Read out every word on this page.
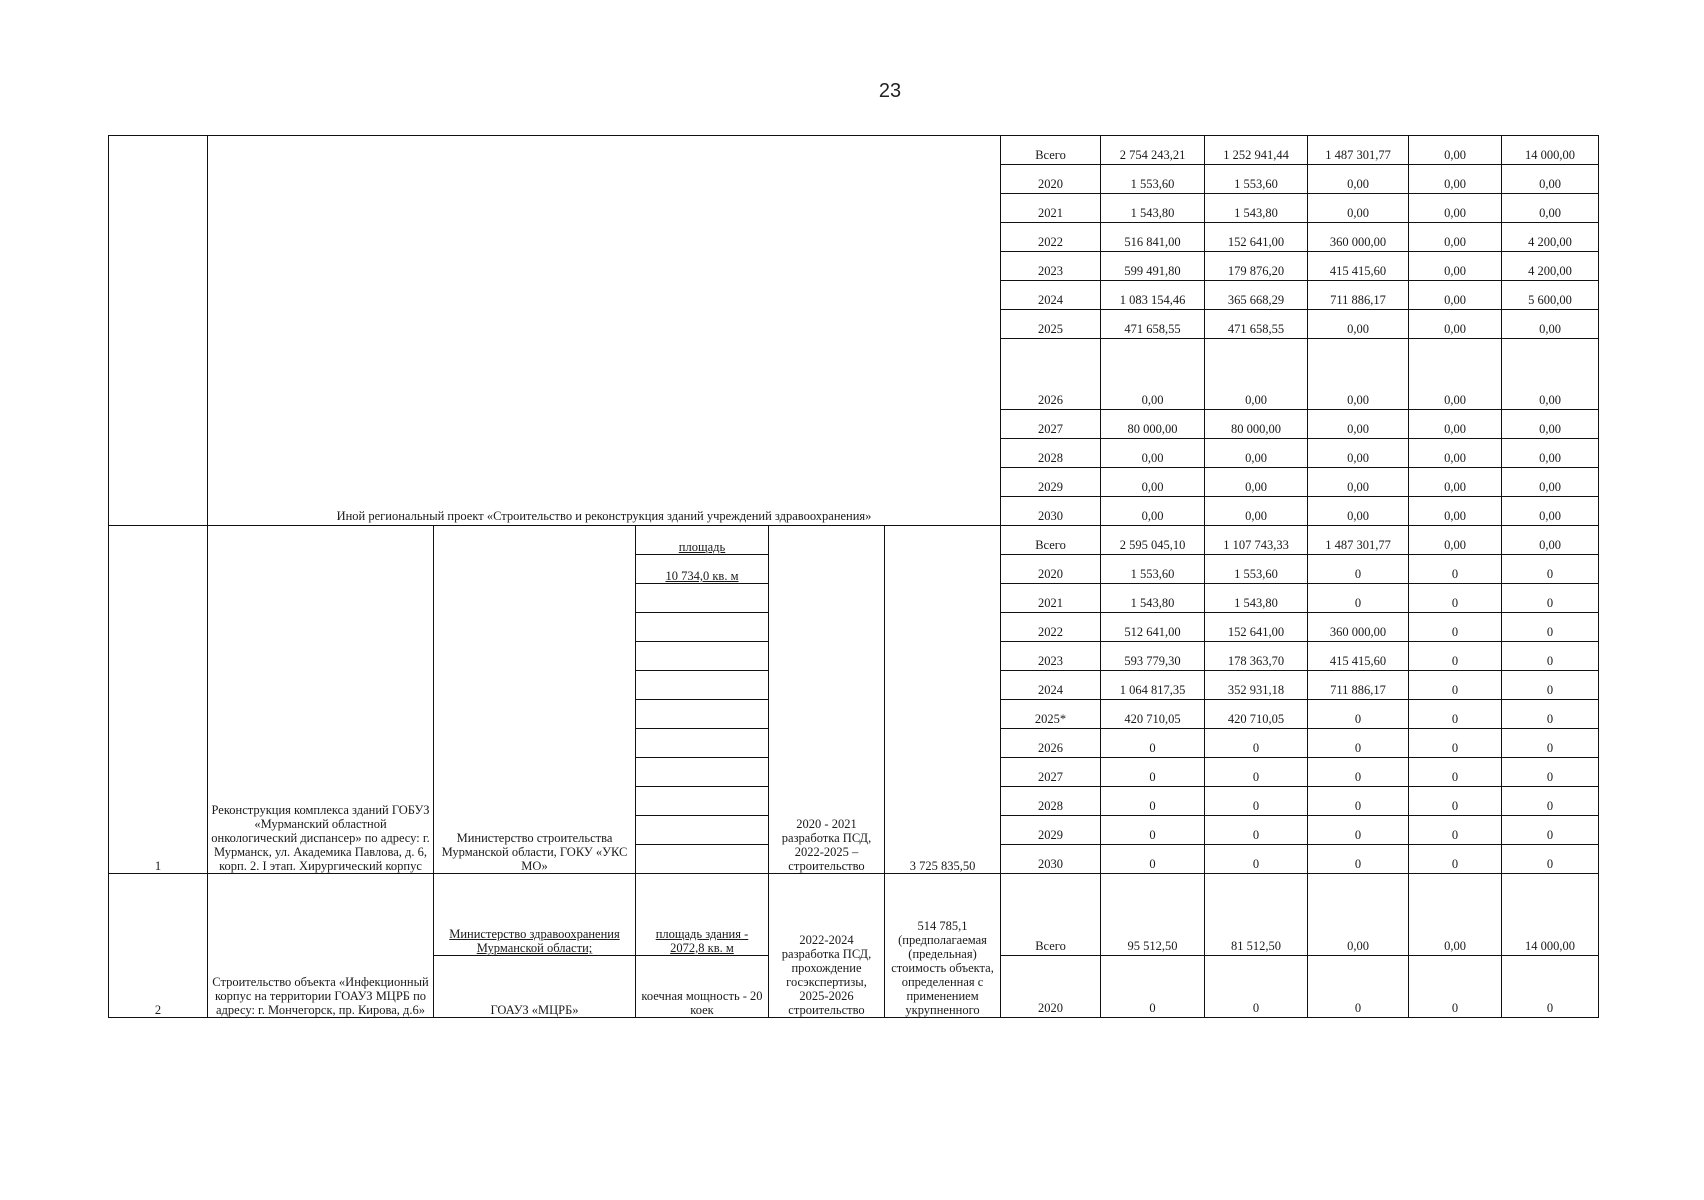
23
	Иной региональный проект «Строительство и реконструкция зданий учреждений здравоохранения»					Всего	2 754 243,21	1 252 941,44	1 487 301,77	0,00	14 000,00
						2020	1 553,60	1 553,60	0,00	0,00	0,00
						2021	1 543,80	1 543,80	0,00	0,00	0,00
						2022	516 841,00	152 641,00	360 000,00	0,00	4 200,00
						2023	599 491,80	179 876,20	415 415,60	0,00	4 200,00
						2024	1 083 154,46	365 668,29	711 886,17	0,00	5 600,00
						2025	471 658,55	471 658,55	0,00	0,00	0,00
						2026	0,00	0,00	0,00	0,00	0,00
						2027	80 000,00	80 000,00	0,00	0,00	0,00
						2028	0,00	0,00	0,00	0,00	0,00
						2029	0,00	0,00	0,00	0,00	0,00
						2030	0,00	0,00	0,00	0,00	0,00
1	Реконструкция комплекса зданий ГОБУЗ «Мурманский областной онкологический диспансер» по адресу: г. Мурманск, ул. Академика Павлова, д. 6, корп. 2. I этап. Хирургический корпус	Министерство строительства Мурманской области, ГОКУ «УКС МО»	площадь	2020 - 2021 разработка ПСД, 2022-2025 – строительство	3 725 835,50	Всего	2 595 045,10	1 107 743,33	1 487 301,77	0,00	0,00
			10 734,0 кв. м			2020	1 553,60	1 553,60	0	0	0
						2021	1 543,80	1 543,80	0	0	0
						2022	512 641,00	152 641,00	360 000,00	0	0
						2023	593 779,30	178 363,70	415 415,60	0	0
						2024	1 064 817,35	352 931,18	711 886,17	0	0
						2025*	420 710,05	420 710,05	0	0	0
						2026	0	0	0	0	0
						2027	0	0	0	0	0
						2028	0	0	0	0	0
						2029	0	0	0	0	0
						2030	0	0	0	0	0
2	Строительство объекта «Инфекционный корпус на территории ГОАУЗ МЦРБ по адресу: г. Мончегорск, пр. Кирова, д.6»	Министерство здравоохранения Мурманской области;	площадь здания - 2072,8 кв. м	2022-2024 разработка ПСД, прохождение госэкспертизы, 2025-2026 строительство	514 785,1 (предполагаемая (предельная) стоимость объекта, определенная с применением укрупненного	Всего	95 512,50	81 512,50	0,00	0,00	14 000,00
		ГОАУЗ «МЦРБ»	коечная мощность - 20 коек			2020	0	0	0	0	0
